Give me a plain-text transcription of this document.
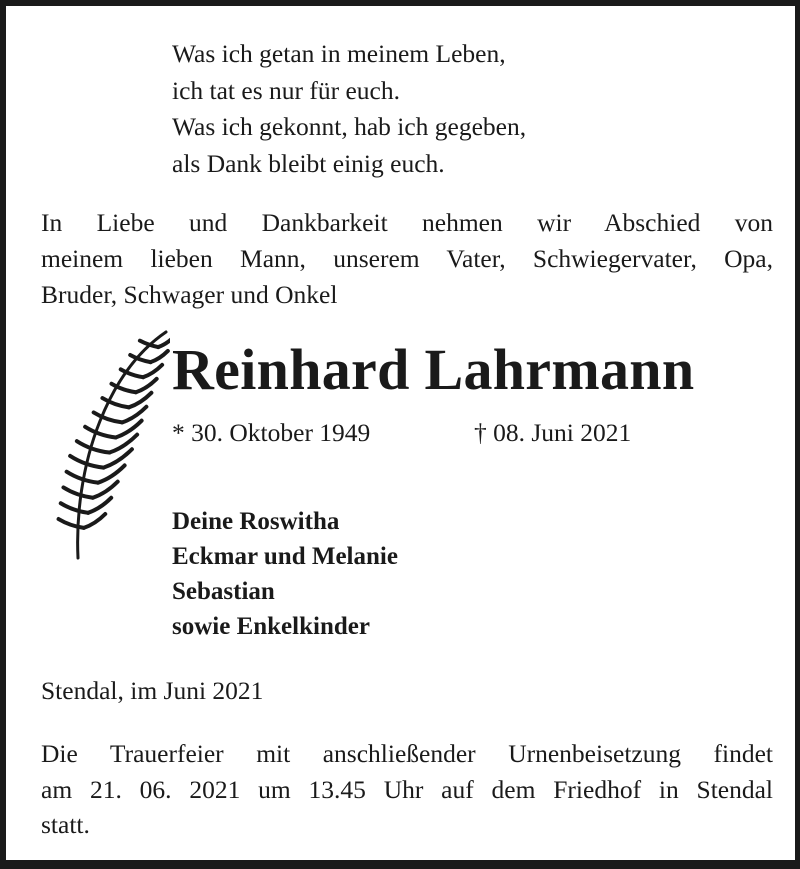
Was ich getan in meinem Leben,
ich tat es nur für euch.
Was ich gekonnt, hab ich gegeben,
als Dank bleibt einig euch.
In Liebe und Dankbarkeit nehmen wir Abschied von
meinem lieben Mann, unserem Vater, Schwiegervater, Opa,
Bruder, Schwager und Onkel
Reinhard Lahrmann
* 30. Oktober 1949	† 08. Juni 2021
Deine Roswitha
Eckmar und Melanie
Sebastian
sowie Enkelkinder
Stendal, im Juni 2021
Die Trauerfeier mit anschließender Urnenbeisetzung findet
am 21. 06. 2021 um 13.45 Uhr auf dem Friedhof in Stendal
statt.
